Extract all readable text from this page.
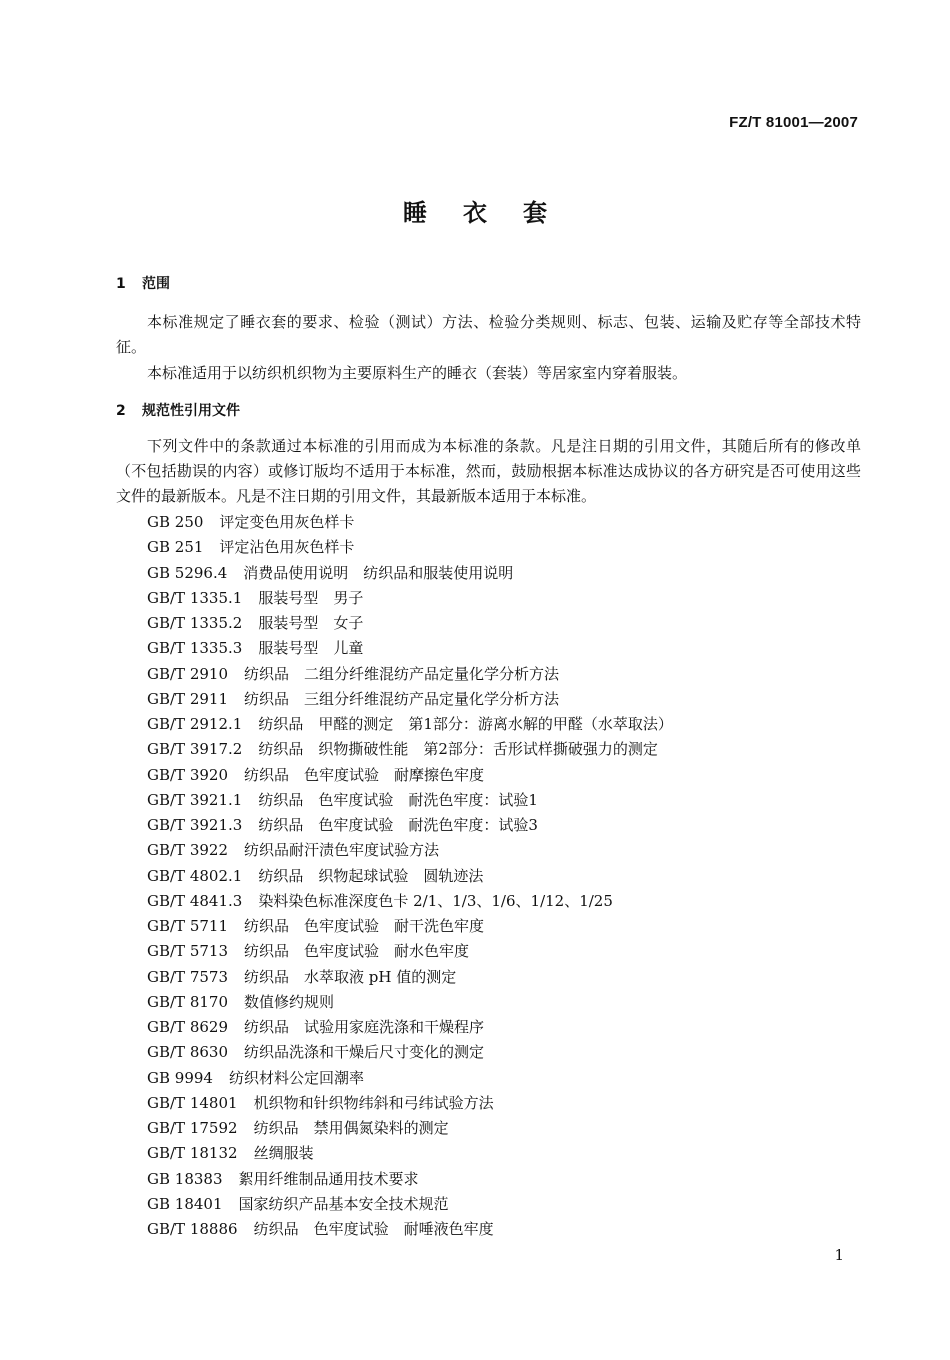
FZ/T 81001—2007
睡衣套
1 范围
本标准规定了睡衣套的要求、检验（测试）方法、检验分类规则、标志、包装、运输及贮存等全部技术特征。
本标准适用于以纺织机织物为主要原料生产的睡衣（套装）等居家室内穿着服装。
2 规范性引用文件
下列文件中的条款通过本标准的引用而成为本标准的条款。凡是注日期的引用文件，其随后所有的修改单（不包括勘误的内容）或修订版均不适用于本标准，然而，鼓励根据本标准达成协议的各方研究是否可使用这些文件的最新版本。凡是不注日期的引用文件，其最新版本适用于本标准。
GB 250 评定变色用灰色样卡
GB 251 评定沾色用灰色样卡
GB 5296.4 消费品使用说明　纺织品和服装使用说明
GB/T 1335.1 服装号型　男子
GB/T 1335.2 服装号型　女子
GB/T 1335.3 服装号型　儿童
GB/T 2910 纺织品　二组分纤维混纺产品定量化学分析方法
GB/T 2911 纺织品　三组分纤维混纺产品定量化学分析方法
GB/T 2912.1 纺织品　甲醛的测定　第1部分：游离水解的甲醛（水萃取法）
GB/T 3917.2 纺织品　织物撕破性能　第2部分：舌形试样撕破强力的测定
GB/T 3920 纺织品　色牢度试验　耐摩擦色牢度
GB/T 3921.1 纺织品　色牢度试验　耐洗色牢度：试验1
GB/T 3921.3 纺织品　色牢度试验　耐洗色牢度：试验3
GB/T 3922 纺织品耐汗渍色牢度试验方法
GB/T 4802.1 纺织品　织物起球试验　圆轨迹法
GB/T 4841.3 染料染色标准深度色卡 2/1、1/3、1/6、1/12、1/25
GB/T 5711 纺织品　色牢度试验　耐干洗色牢度
GB/T 5713 纺织品　色牢度试验　耐水色牢度
GB/T 7573 纺织品　水萃取液 pH 值的测定
GB/T 8170 数值修约规则
GB/T 8629 纺织品　试验用家庭洗涤和干燥程序
GB/T 8630 纺织品洗涤和干燥后尺寸变化的测定
GB 9994 纺织材料公定回潮率
GB/T 14801 机织物和针织物纬斜和弓纬试验方法
GB/T 17592 纺织品　禁用偶氮染料的测定
GB/T 18132 丝绸服装
GB 18383 絮用纤维制品通用技术要求
GB 18401 国家纺织产品基本安全技术规范
GB/T 18886 纺织品　色牢度试验　耐唾液色牢度
1
